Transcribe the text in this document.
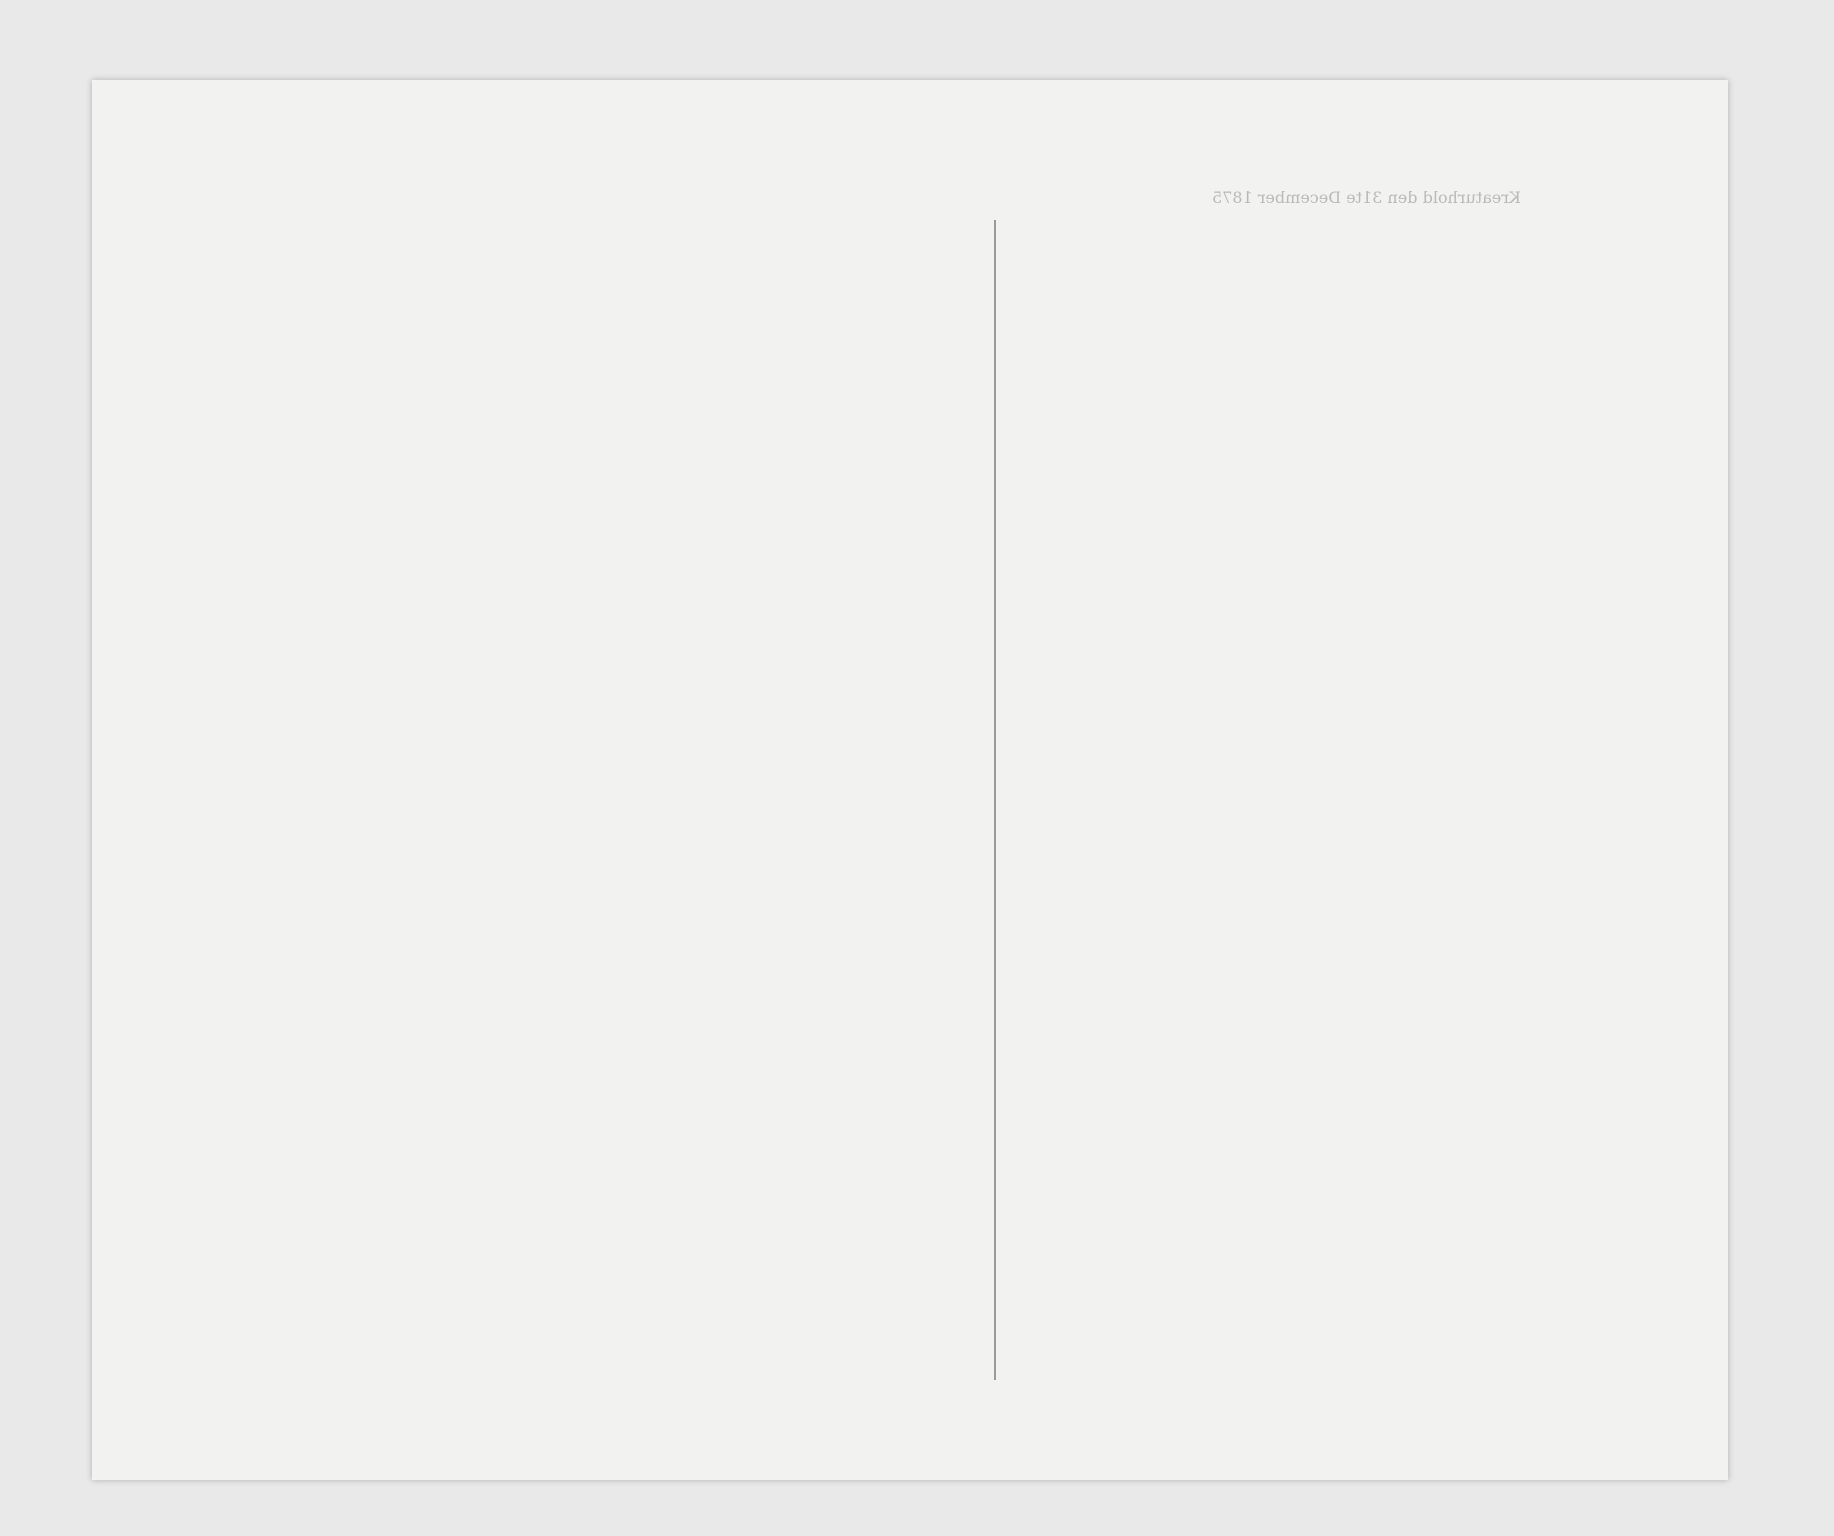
Kreaturhold den 31te December 1875
